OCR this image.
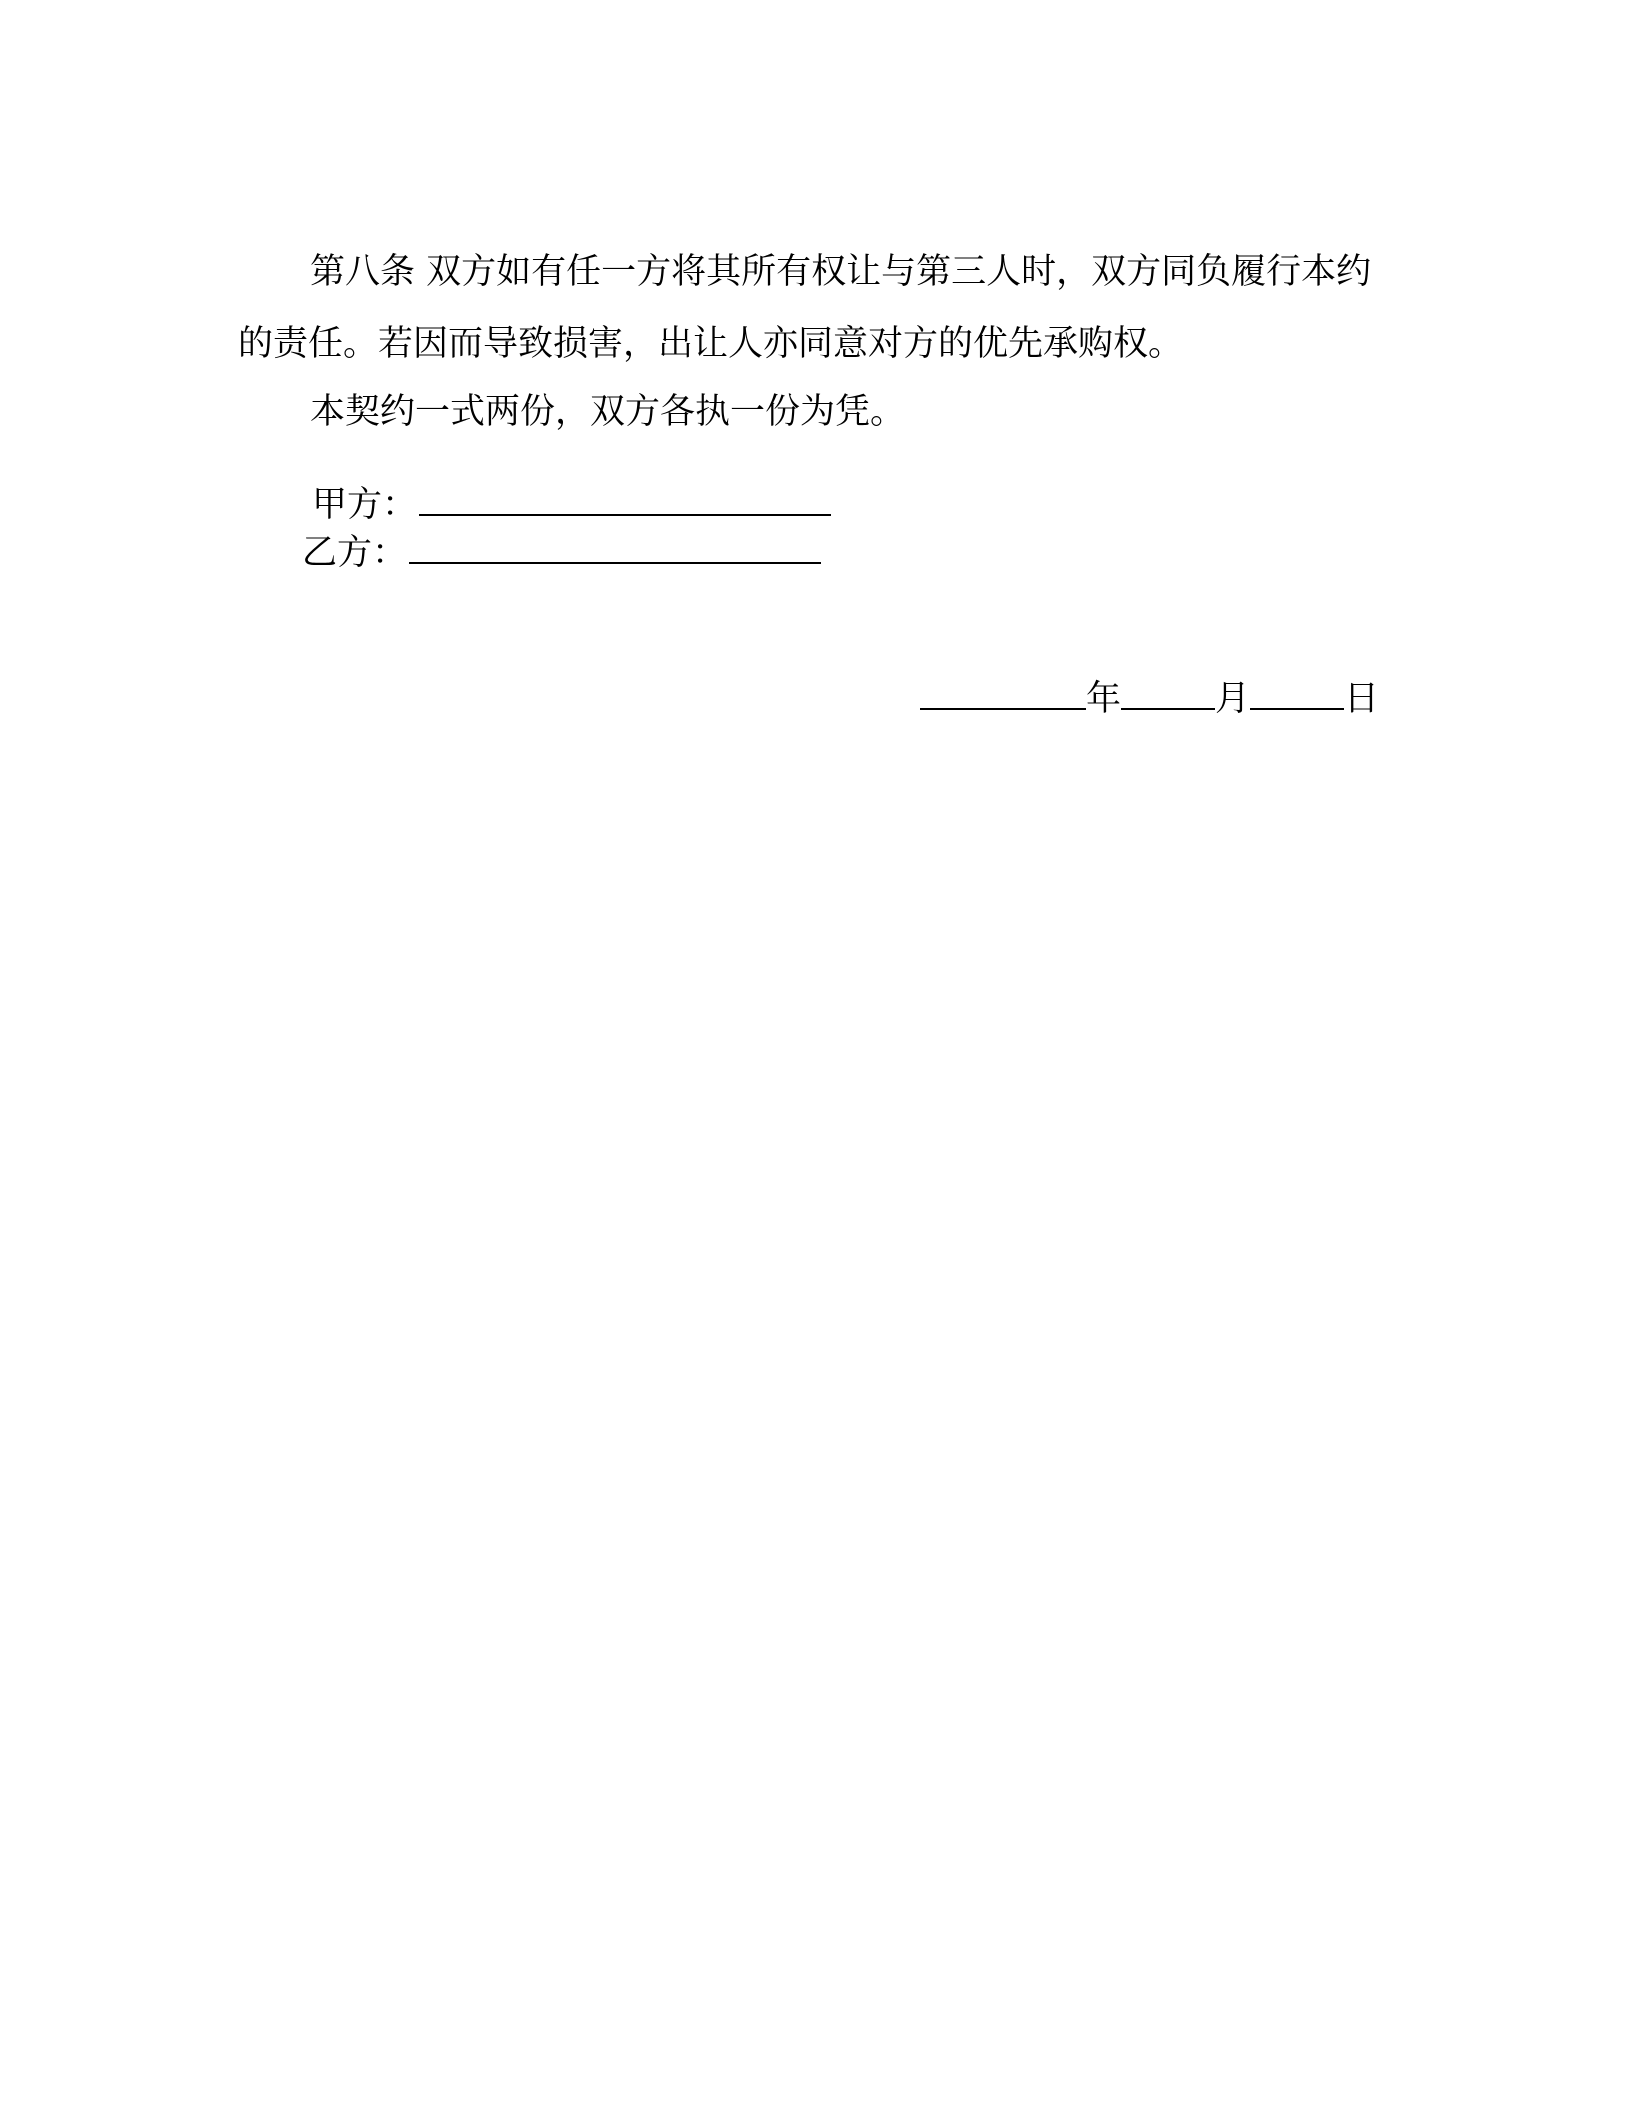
第八条 双方如有任一方将其所有权让与第三人时，双方同负履行本约的责任。若因而导致损害，出让人亦同意对方的优先承购权。

本契约一式两份，双方各执一份为凭。

甲方：
乙方：
年	月	日
